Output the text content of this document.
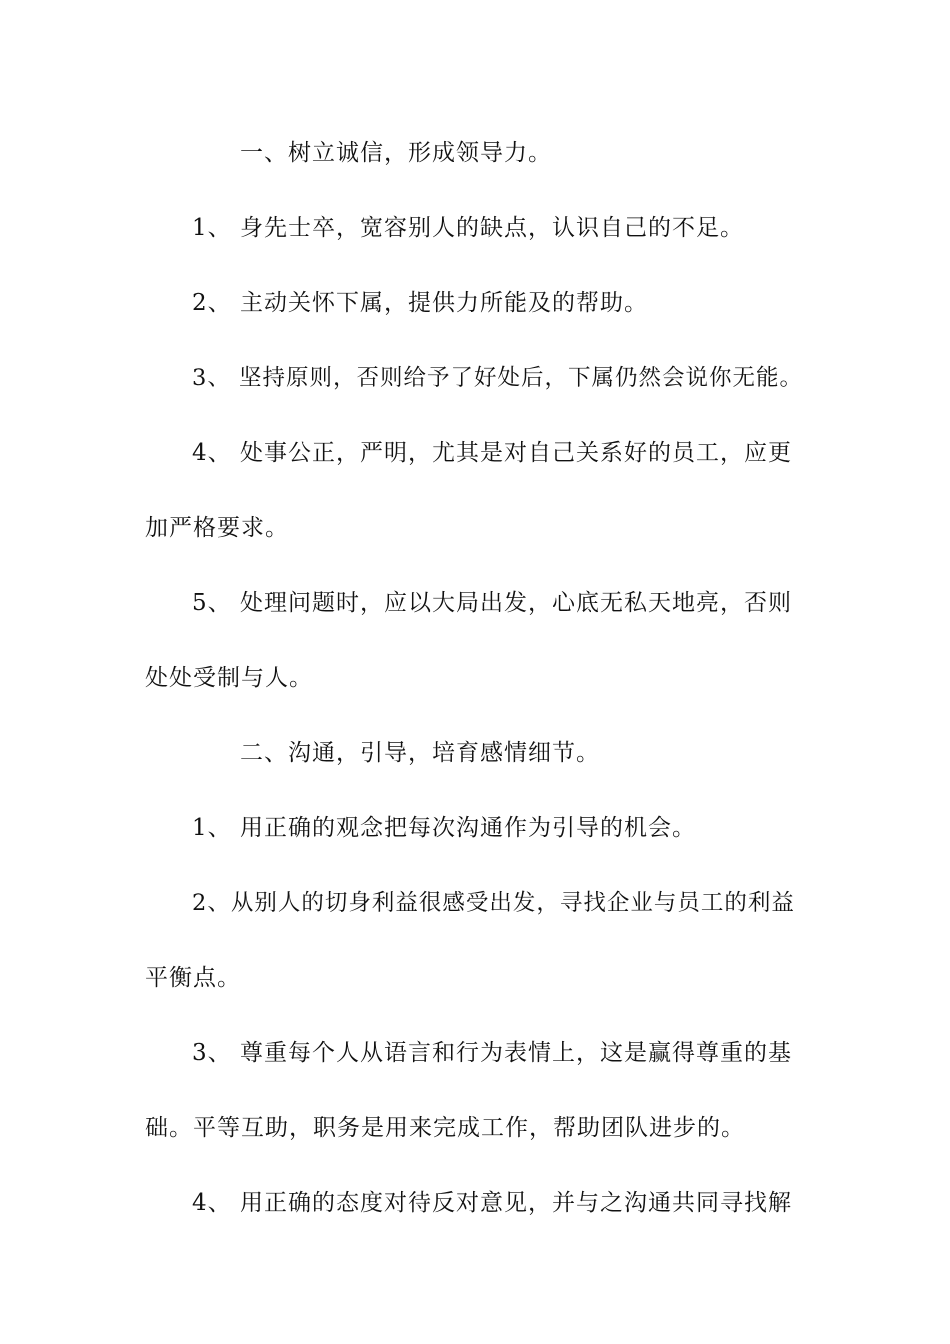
一、树立诚信，形成领导力。
1、 身先士卒，宽容别人的缺点，认识自己的不足。
2、 主动关怀下属，提供力所能及的帮助。
3、 坚持原则，否则给予了好处后，下属仍然会说你无能。
4、 处事公正，严明，尤其是对自己关系好的员工，应更
加严格要求。
5、 处理问题时，应以大局出发，心底无私天地亮，否则
处处受制与人。
二、沟通，引导，培育感情细节。
1、 用正确的观念把每次沟通作为引导的机会。
2、从别人的切身利益很感受出发，寻找企业与员工的利益
平衡点。
3、 尊重每个人从语言和行为表情上，这是赢得尊重的基
础。平等互助，职务是用来完成工作，帮助团队进步的。
4、 用正确的态度对待反对意见，并与之沟通共同寻找解
